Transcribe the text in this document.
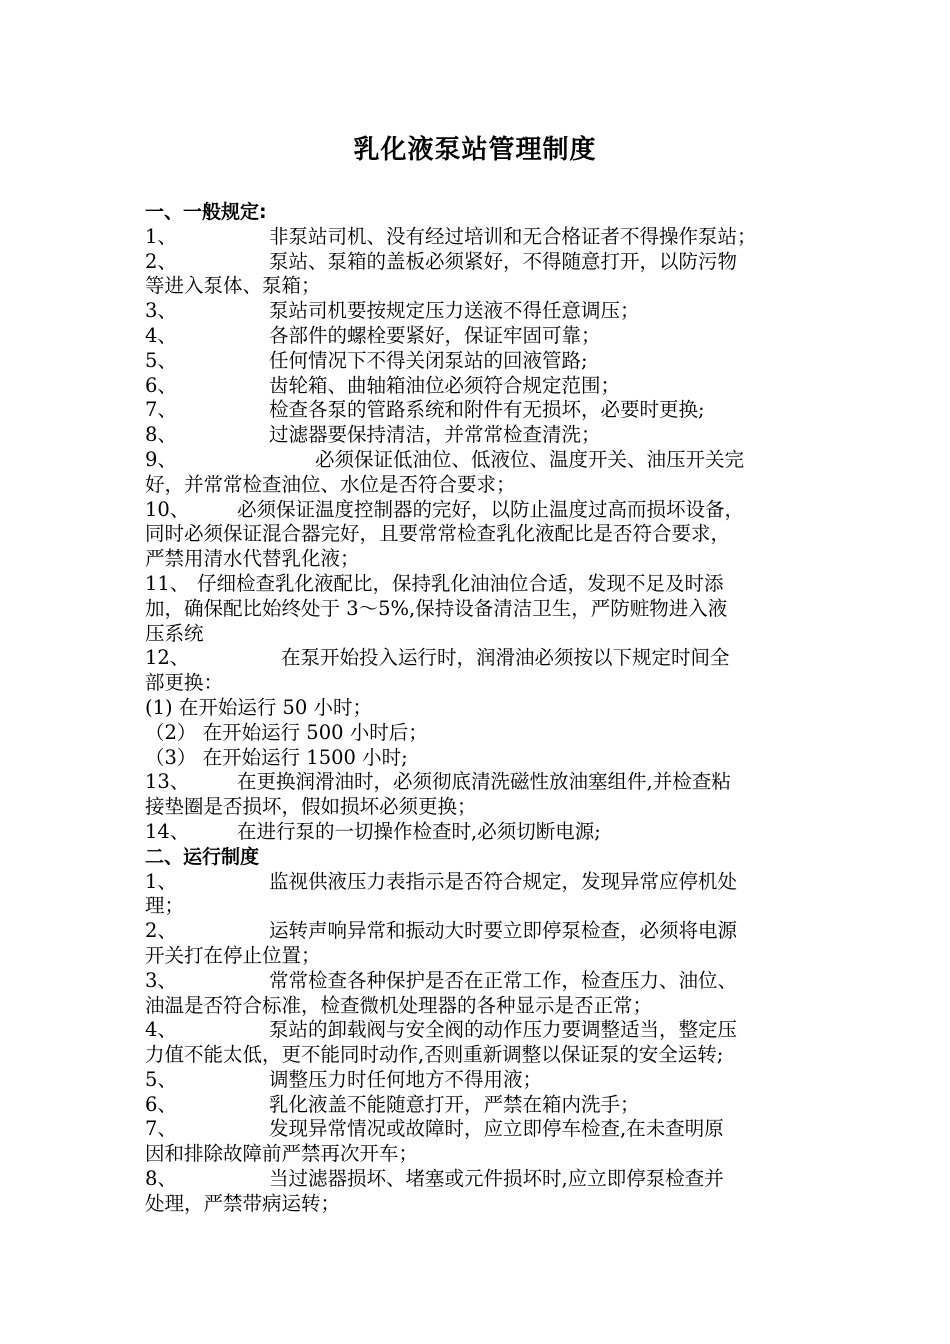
乳化液泵站管理制度
一、一般规定:
1、	非泵站司机、没有经过培训和无合格证者不得操作泵站；
2、	泵站、泵箱的盖板必须紧好，不得随意打开，以防污物
等进入泵体、泵箱；
3、	泵站司机要按规定压力送液不得任意调压；
4、	各部件的螺栓要紧好，保证牢固可靠；
5、	任何情况下不得关闭泵站的回液管路;
6、	齿轮箱、曲轴箱油位必须符合规定范围；
7、	检查各泵的管路系统和附件有无损坏，必要时更换;
8、	过滤器要保持清洁，并常常检查清洗；
9、	必须保证低油位、低液位、温度开关、油压开关完
好，并常常检查油位、水位是否符合要求；
10、 必须保证温度控制器的完好，以防止温度过高而损坏设备，
同时必须保证混合器完好，且要常常检查乳化液配比是否符合要求，
严禁用清水代替乳化液；
11、 仔细检查乳化液配比，保持乳化油油位合适，发现不足及时添
加，确保配比始终处于 3～5%,保持设备清洁卫生，严防赃物进入液
压系统
12、	在泵开始投入运行时，润滑油必须按以下规定时间全
部更换：
(1) 在开始运行 50 小时；
（2） 在开始运行 500 小时后；
（3） 在开始运行 1500 小时;
13、 在更换润滑油时，必须彻底清洗磁性放油塞组件,并检查粘
接垫圈是否损坏，假如损坏必须更换；
14、 在进行泵的一切操作检查时,必须切断电源;
二、运行制度
1、	监视供液压力表指示是否符合规定，发现异常应停机处
理；
2、	运转声响异常和振动大时要立即停泵检查，必须将电源
开关打在停止位置；
3、	常常检查各种保护是否在正常工作，检查压力、油位、
油温是否符合标准，检查微机处理器的各种显示是否正常；
4、	泵站的卸载阀与安全阀的动作压力要调整适当，整定压
力值不能太低，更不能同时动作,否则重新调整以保证泵的安全运转;
5、	调整压力时任何地方不得用液；
6、	乳化液盖不能随意打开，严禁在箱内洗手；
7、	发现异常情况或故障时，应立即停车检查,在未查明原
因和排除故障前严禁再次开车；
8、	当过滤器损坏、堵塞或元件损坏时,应立即停泵检查并
处理，严禁带病运转；
